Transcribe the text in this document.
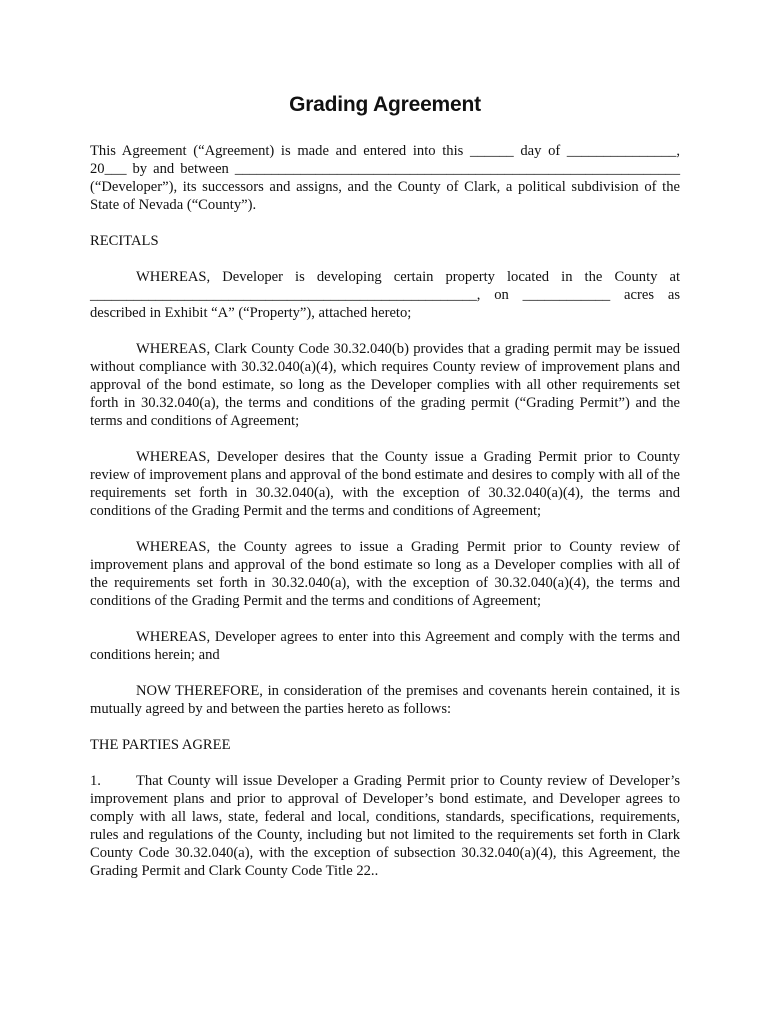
Grading Agreement

This Agreement (“Agreement) is made and entered into this ______ day of _______________, 20___ by and between _____________________________________________________________ (“Developer”), its successors and assigns, and the County of Clark, a political subdivision of the State of Nevada (“County”).

RECITALS

WHEREAS, Developer is developing certain property located in the County at _____________________________________________________, on ____________ acres as described in Exhibit “A” (“Property”), attached hereto;

WHEREAS, Clark County Code 30.32.040(b) provides that a grading permit may be issued without compliance with 30.32.040(a)(4), which requires County review of improvement plans and approval of the bond estimate, so long as the Developer complies with all other requirements set forth in 30.32.040(a), the terms and conditions of the grading permit (“Grading Permit”) and the terms and conditions of Agreement;

WHEREAS, Developer desires that the County issue a Grading Permit prior to County review of improvement plans and approval of the bond estimate and desires to comply with all of the requirements set forth in 30.32.040(a), with the exception of 30.32.040(a)(4), the terms and conditions of the Grading Permit and the terms and conditions of Agreement;

WHEREAS, the County agrees to issue a Grading Permit prior to County review of improvement plans and approval of the bond estimate so long as a Developer complies with all of the requirements set forth in 30.32.040(a), with the exception of 30.32.040(a)(4), the terms and conditions of the Grading Permit and the terms and conditions of Agreement;

WHEREAS, Developer agrees to enter into this Agreement and comply with the terms and conditions herein; and

NOW THEREFORE, in consideration of the premises and covenants herein contained, it is mutually agreed by and between the parties hereto as follows:

THE PARTIES AGREE

1. That County will issue Developer a Grading Permit prior to County review of Developer’s improvement plans and prior to approval of Developer’s bond estimate, and Developer agrees to comply with all laws, state, federal and local, conditions, standards, specifications, requirements, rules and regulations of the County, including but not limited to the requirements set forth in Clark County Code 30.32.040(a), with the exception of subsection 30.32.040(a)(4), this Agreement, the Grading Permit and Clark County Code Title 22..
